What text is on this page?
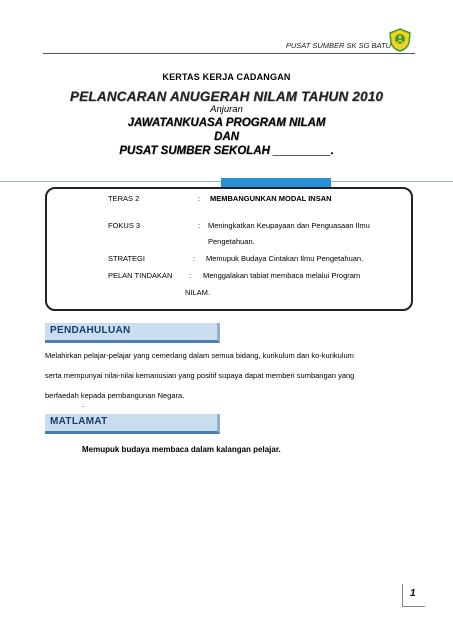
PUSAT SUMBER SK SG BATU
KERTAS KERJA CADANGAN
PELANCARAN ANUGERAH NILAM TAHUN 2010
Anjuran
JAWATANKUASA PROGRAM NILAM
DAN
PUSAT SUMBER SEKOLAH _________.
TERAS 2	: MEMBANGUNKAN MODAL INSAN
FOKUS 3	: Meningkatkan Keupayaan dan Penguasaan Ilmu
Pengetahuan.
STRATEGI	: Memupuk Budaya Cintakan Ilmu Pengetahuan.
PELAN TINDAKAN : Menggalakan tabiat membaca melalui Program
NILAM.
PENDAHULUAN
Melahirkan pelajar-pelajar yang cemerlang dalam semua bidang, kurikulum dan ko-kurikulum
serta mempunyai nilai-nilai kemanusian yang positif supaya dapat memberi sumbangan yang
berfaedah kepada pembangunan Negara.
.
MATLAMAT
Memupuk budaya membaca dalam kalangan pelajar.
1
